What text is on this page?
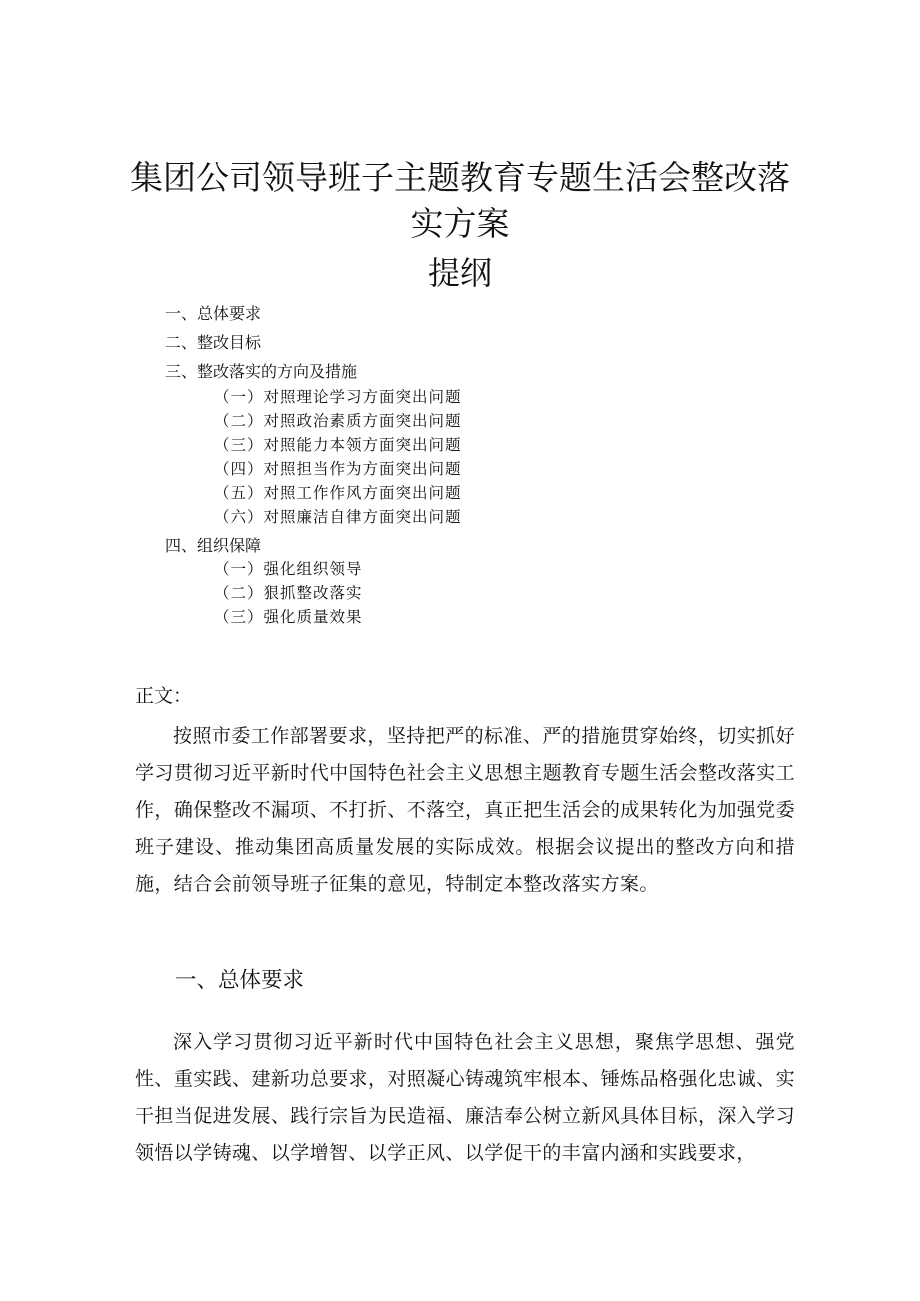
集团公司领导班子主题教育专题生活会整改落
实方案
提纲
一、总体要求
二、整改目标
三、整改落实的方向及措施
（一）对照理论学习方面突出问题
（二）对照政治素质方面突出问题
（三）对照能力本领方面突出问题
（四）对照担当作为方面突出问题
（五）对照工作作风方面突出问题
（六）对照廉洁自律方面突出问题
四、组织保障
（一）强化组织领导
（二）狠抓整改落实
（三）强化质量效果
正文：
按照市委工作部署要求，坚持把严的标准、严的措施贯穿始终，切实抓好学习贯彻习近平新时代中国特色社会主义思想主题教育专题生活会整改落实工作，确保整改不漏项、不打折、不落空，真正把生活会的成果转化为加强党委班子建设、推动集团高质量发展的实际成效。根据会议提出的整改方向和措施，结合会前领导班子征集的意见，特制定本整改落实方案。
一、总体要求
深入学习贯彻习近平新时代中国特色社会主义思想，聚焦学思想、强党性、重实践、建新功总要求，对照凝心铸魂筑牢根本、锤炼品格强化忠诚、实干担当促进发展、践行宗旨为民造福、廉洁奉公树立新风具体目标，深入学习领悟以学铸魂、以学增智、以学正风、以学促干的丰富内涵和实践要求，
